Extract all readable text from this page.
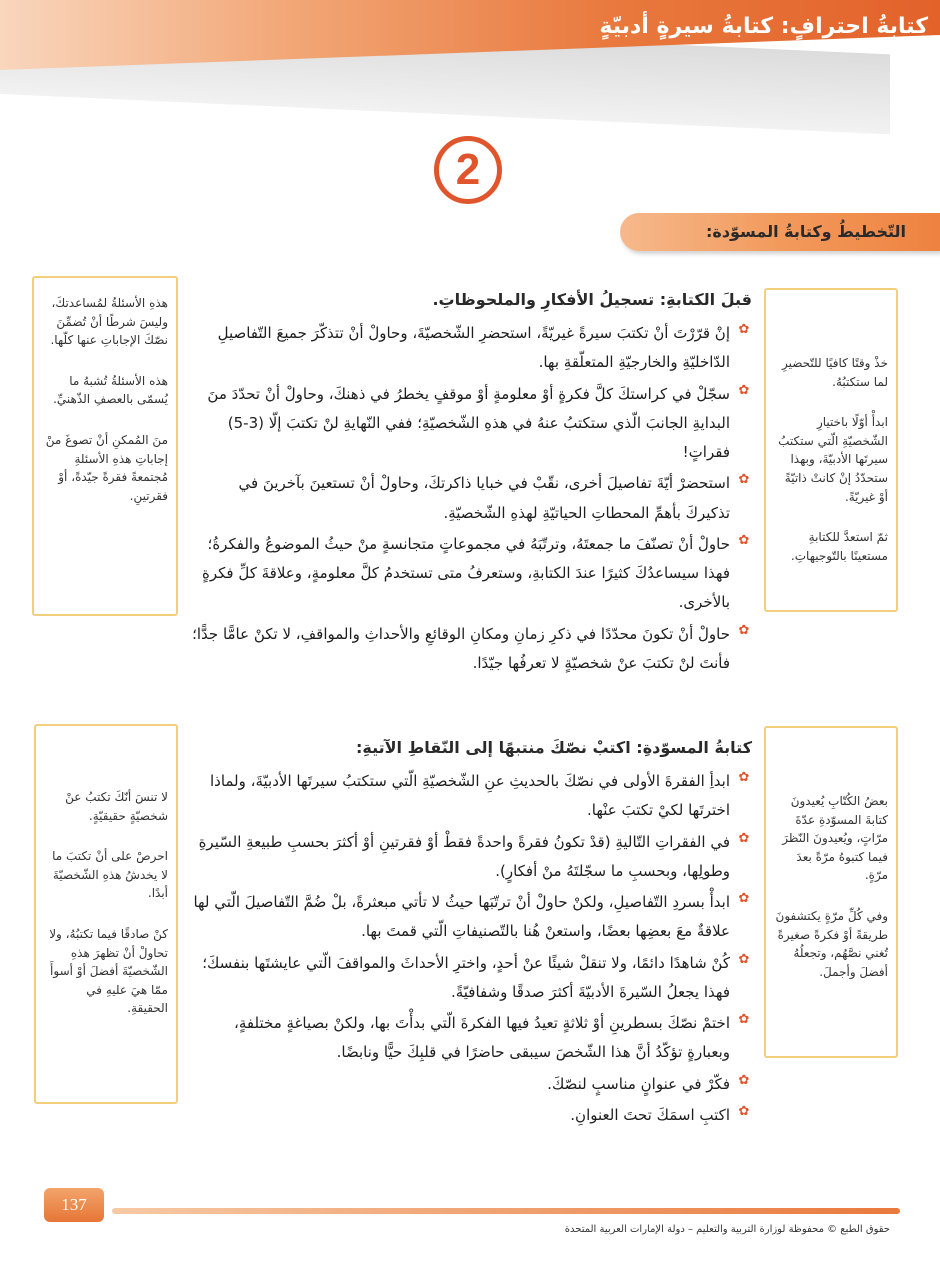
كتابةُ احترافٍ: كتابةُ سيرةٍ أدبيّةٍ
2
التّخطيطُ وكتابةُ المسوّدة:

خذْ وقتًا كافيًا للتّحضيرِ لما ستكتبُهُ.

ابدأْ أوّلًا باختيارِ الشّخصيّةِ الّتي ستكتبُ سيرتَها الأدبيّةَ، وبهذا ستحدّدُ إنْ كانتْ ذاتيّةً أوْ غيريّةً.

ثمّ استعدَّ للكتابةِ مستعينًا بالتّوجيهاتِ.

هذهِ الأسئلةُ لمُساعدتكَ، وليسَ شرطًا أنْ تُضمِّنَ نصّكَ الإجاباتِ عنها كلّها.

هذه الأسئلةُ تُشبهُ ما يُسمّى بالعصفِ الذّهنيِّ.

منَ المُمكنِ أنْ تصوغَ منْ إجاباتِ هذهِ الأسئلةِ مُجتمعةً فقرةً جيّدةً، أوْ فقرتينِ.

قبلَ الكتابةِ: تسجيلُ الأفكارِ والملحوظاتِ.
✿
إنْ قرّرْتَ أنْ تكتبَ سيرةً غيريّةً، استحضرِ الشّخصيّةَ، وحاولْ أنْ تتذكّرَ جميعَ التّفاصيلِ الدّاخليّةِ والخارجيّةِ المتعلّقةِ بها.
✿
سجّلْ في كراستكَ كلَّ فكرةٍ أوْ معلومةٍ أوْ موقفٍ يخطرُ في ذهنكَ، وحاولْ أنْ تحدّدَ منَ البدايةِ الجانبَ الّذي ستكتبُ عنهُ في هذهِ الشّخصيّةِ؛ ففي النّهايةِ لنْ تكتبَ إلّا (3-5) فقراتٍ!
✿
استحضرْ أيّةَ تفاصيلَ أخرى، نقّبْ في خبايا ذاكرتكَ، وحاولْ أنْ تستعينَ بآخرينَ في تذكيركَ بأهمِّ المحطاتِ الحياتيّةِ لهذهِ الشّخصيّةِ.
✿
حاولْ أنْ تصنّفَ ما جمعتَهُ، وترتّبَهُ في مجموعاتٍ متجانسةٍ منْ حيثُ الموضوعُ والفكرةُ؛ فهذا سيساعدُكَ كثيرًا عندَ الكتابةِ، وستعرفُ متى تستخدمُ كلَّ معلومةٍ، وعلاقةَ كلِّ فكرةٍ بالأخرى.
✿
حاولْ أنْ تكونَ محدّدًا في ذكرِ زمانِ ومكانِ الوقائعِ والأحداثِ والمواقفِ، لا تكنْ عامًّا جدًّا؛ فأنتَ لنْ تكتبَ عنْ شخصيّةٍ لا تعرفُها جيّدًا.

بعضُ الكُتّابِ يُعيدونَ كتابةَ المسوّدةِ عدّةَ مرّاتٍ، ويُعيدونَ النّظرَ فيما كتبوهُ مرّةً بعدَ مرّةٍ.

وفي كُلِّ مرّةٍ يكتشفونَ طريقةً أوْ فكرةً صغيرةً تُغني نصَّهُم، وتجعلُهُ أفضلَ وأجملَ.

لا تنسَ أنّكَ تكتبُ عنْ شخصيّةٍ حقيقيّةٍ.

احرصْ على أنْ تكتبَ ما لا يخدشُ هذهِ الشّخصيّةَ أبدًا.

كنْ صادقًا فيما تكتبُهُ، ولا تحاولْ أنْ تظهرَ هذهِ الشّخصيّةَ أفضلَ أوْ أسوأَ ممّا هيَ عليهِ في الحقيقةِ.

كتابةُ المسوّدةِ: اكتبْ نصّكَ منتبهًا إلى النّقاطِ الآتيةِ:
✿
ابدأِ الفقرةَ الأولى في نصّكَ بالحديثِ عنِ الشّخصيّةِ الّتي ستكتبُ سيرتَها الأدبيّةَ، ولماذا اخترتَها لكيْ تكتبَ عنْها.
✿
في الفقراتِ التّاليةِ (قدْ تكونُ فقرةً واحدةً فقطْ أوْ فقرتينِ أوْ أكثرَ بحسبِ طبيعةِ السّيرةِ وطولِها، وبحسبِ ما سجّلتَهُ منْ أفكارٍ).
✿
ابدأْ بسردِ التّفاصيلِ، ولكنْ حاولْ أنْ ترتّبَها حيثُ لا تأتي مبعثرةً، بلْ ضُمَّ التّفاصيلَ الّتي لها علاقةٌ معَ بعضِها بعضًا، واستعنْ هُنا بالتّصنيفاتِ الّتي قمتَ بها.
✿
كُنْ شاهدًا دائمًا، ولا تنقلْ شيئًا عنْ أحدٍ، واخترِ الأحداثَ والمواقفَ الّتي عايشتَها بنفسكَ؛ فهذا يجعلُ السّيرةَ الأدبيّةَ أكثرَ صدقًا وشفافيّةً.
✿
اختمْ نصّكَ بسطرينِ أوْ ثلاثةٍ تعيدُ فيها الفكرةَ الّتي بدأْتَ بها، ولكنْ بصياغةٍ مختلفةٍ، وبعبارةٍ تؤكّدُ أنَّ هذا الشّخصَ سيبقى حاضرًا في قلبِكَ حيًّا ونابضًا.
✿
فكّرْ في عنوانٍ مناسبٍ لنصّكَ.
✿
اكتبِ اسمَكَ تحتَ العنوانِ.
137
حقوق الطبع © محفوظة لوزارة التربية والتعليم – دولة الإمارات العربية المتحدة
